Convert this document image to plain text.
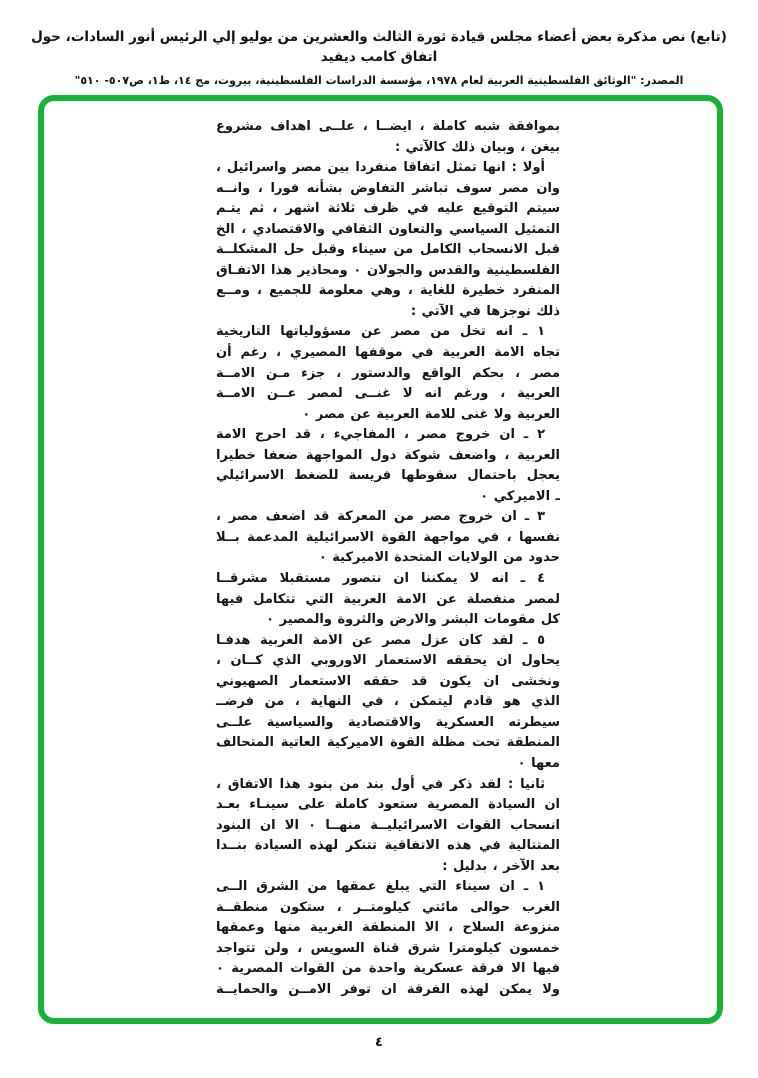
(تابع) نص مذكرة بعض أعضاء مجلس قيادة ثورة الثالث والعشرين من يوليو إلي الرئيس أنور السادات، حول اتفاق كامب ديفيد
المصدر: "الوثائق الفلسطينية العربية لعام ١٩٧٨، مؤسسة الدراسات الفلسطينية، بيروت، مج ١٤، ط١، ص٥٠٧- ٥١٠"
بموافقة شبه كاملة ، ايضــا ، علــى اهداف مشروع
بيغن ، وبيان ذلك كالآتي :
أولا : انها تمثل اتفاقا منفردا بين مصر واسرائيل ،
وان مصر سوف تباشر التفاوض بشأنه فورا ، وانــه
سيتم التوقيع عليه في ظرف ثلاثة اشهر ، ثم يتـم
التمثيل السياسي والتعاون الثقافي والاقتصادي ، الخ
قبل الانسحاب الكامل من سيناء وقبل حل المشكلــة
الفلسطينية والقدس والجولان ٠ ومحاذير هذا الاتفـاق
المنفرد خطيرة للغاية ، وهي معلومة للجميع ، ومــع
ذلك نوجزها في الآتي :
١ ـ انه تخل من مصر عن مسؤولياتها التاريخية
تجاه الامة العربية في موقفها المصيري ، رغم أن
مصر ، بحكم الواقع والدستور ، جزء مـن الامــة
العربية ، ورغم انه لا غنــى لمصر عــن الامــة
العربية ولا غنى للامة العربية عن مصر ٠
٢ ـ ان خروج مصر ، المفاجيء ، قد احرج الامة
العربية ، واضعف شوكة دول المواجهة ضعفا خطيرا
يعجل باحتمال سقوطها فريسة للضغط الاسرائيلي
ـ الاميركي ٠
٣ ـ ان خروج مصر من المعركة قد اضعف مصر ،
نفسها ، في مواجهة القوة الاسرائيلية المدعمة بــلا
حدود من الولايات المتحدة الاميركية ٠
٤ ـ انه لا يمكننا ان نتصور مستقبلا مشرقــا
لمصر منفصلة عن الامة العربية التي تتكامل فيها
كل مقومات البشر والارض والثروة والمصير ٠
٥ ـ لقد كان عزل مصر عن الامة العربية هدفـا
يحاول ان يحققه الاستعمار الاوروبي الذي كــان ،
ونخشى ان يكون قد حققه الاستعمار الصهيوني
الذي هو قادم ليتمكن ، في النهاية ، من فرضــ
سيطرته العسكرية والاقتصادية والسياسية علــى
المنطقة تحت مظلة القوة الاميركية العاتية المتحالف
معها ٠
ثانيا : لقد ذكر في أول بند من بنود هذا الاتفاق ،
ان السيادة المصرية ستعود كاملة على سينـاء بعـد
انسحاب القوات الاسرائيليــة منهــا ٠ الا ان البنود
المتتالية في هذه الاتفاقية تتنكر لهذه السيادة بنــدا
بعد الآخر ، بدليل :
١ ـ ان سيناء التي يبلغ عمقها من الشرق الــى
الغرب حوالى مائتي كيلومتــر ، ستكون منطقــة
منزوعة السلاح ، الا المنطقة الغربية منها وعمقها
خمسون كيلومترا شرق قناة السويس ، ولن تتواجد
فيها الا فرقة عسكرية واحدة من القوات المصرية ٠
ولا يمكن لهذه الفرقة ان توفر الامــن والحمايــة
٤
